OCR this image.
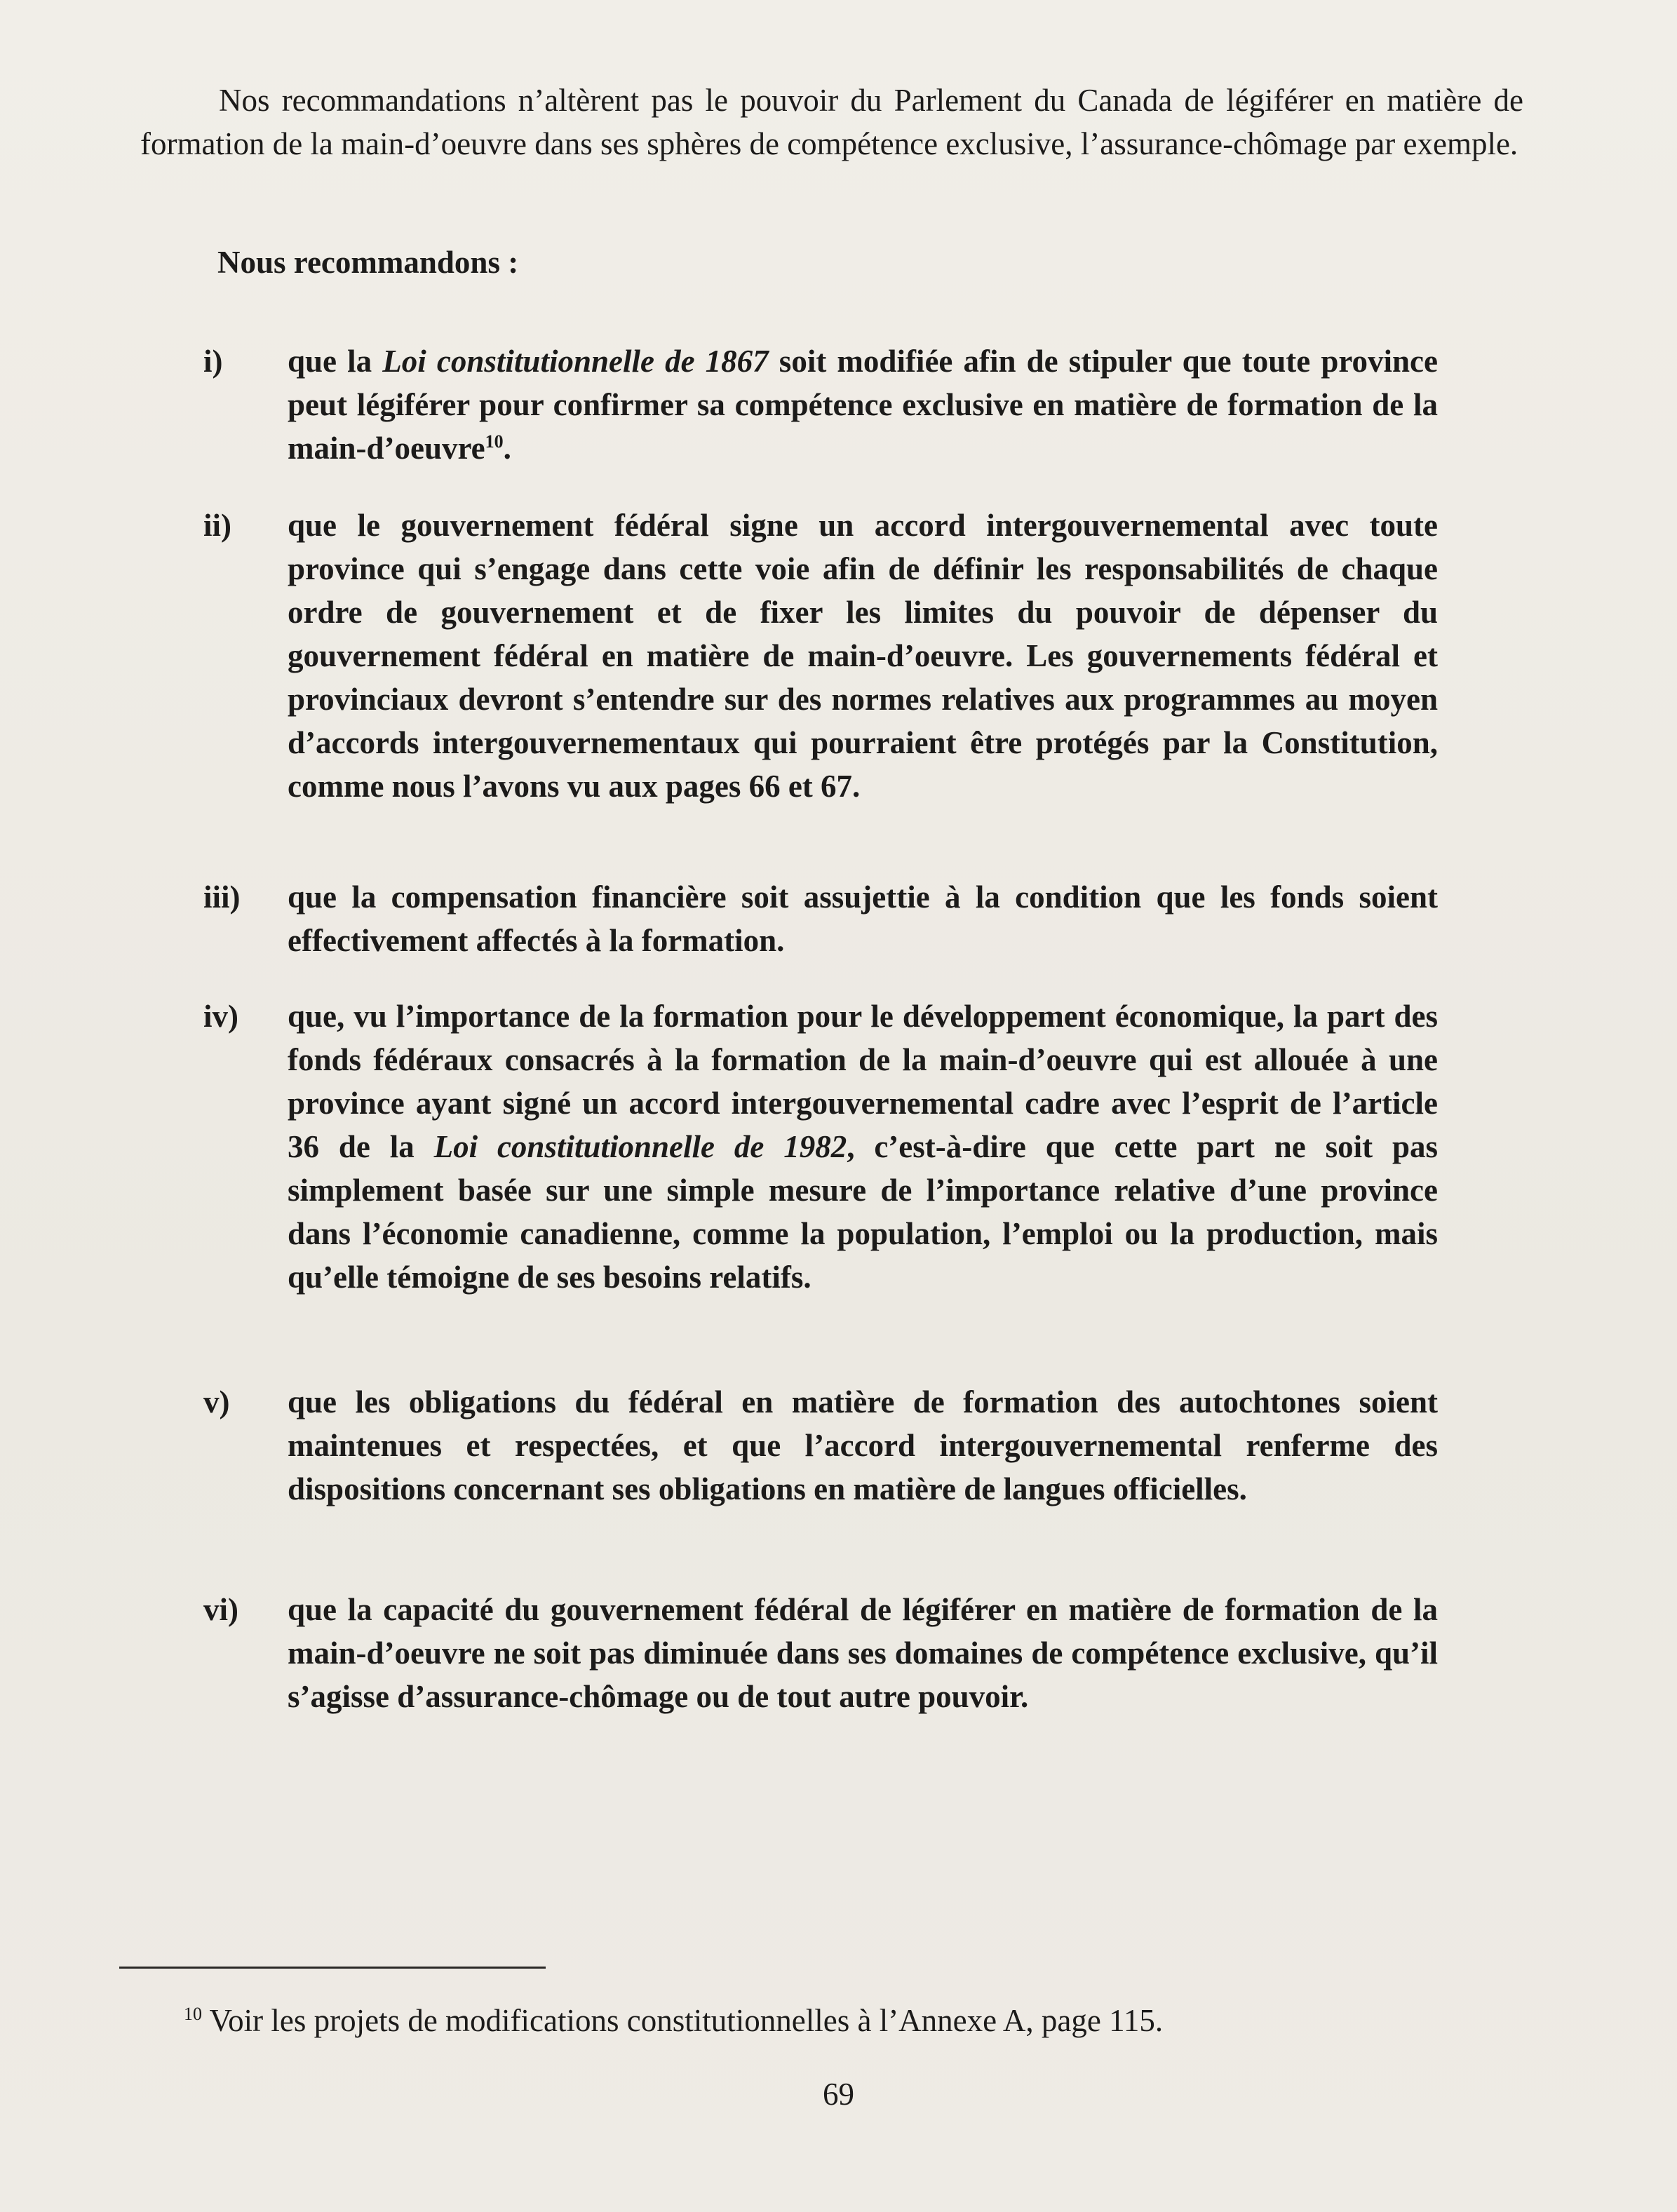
Nos recommandations n’altèrent pas le pouvoir du Parlement du Canada de légiférer en matière de formation de la main-d’oeuvre dans ses sphères de compétence exclusive, l’assurance-chômage par exemple.

Nous recommandons :

i)	que la Loi constitutionnelle de 1867 soit modifiée afin de stipuler que toute province peut légiférer pour confirmer sa compétence exclusive en matière de formation de la main-d’oeuvre$^{10}$.
ii)	que le gouvernement fédéral signe un accord intergouvernemental avec toute province qui s’engage dans cette voie afin de définir les responsabilités de chaque ordre de gouvernement et de fixer les limites du pouvoir de dépenser du gouvernement fédéral en matière de main-d’oeuvre. Les gouvernements fédéral et provinciaux devront s’entendre sur des normes relatives aux programmes au moyen d’accords intergouvernementaux qui pourraient être protégés par la Constitution, comme nous l’avons vu aux pages 66 et 67.
iii)	que la compensation financière soit assujettie à la condition que les fonds soient effectivement affectés à la formation.
iv)	que, vu l’importance de la formation pour le développement économique, la part des fonds fédéraux consacrés à la formation de la main-d’oeuvre qui est allouée à une province ayant signé un accord intergouvernemental cadre avec l’esprit de l’article 36 de la Loi constitutionnelle de 1982, c’est-à-dire que cette part ne soit pas simplement basée sur une simple mesure de l’importance relative d’une province dans l’économie canadienne, comme la population, l’emploi ou la production, mais qu’elle témoigne de ses besoins relatifs.
v)	que les obligations du fédéral en matière de formation des autochtones soient maintenues et respectées, et que l’accord intergouvernemental renferme des dispositions concernant ses obligations en matière de langues officielles.
vi)	que la capacité du gouvernement fédéral de légiférer en matière de formation de la main-d’oeuvre ne soit pas diminuée dans ses domaines de compétence exclusive, qu’il s’agisse d’assurance-chômage ou de tout autre pouvoir.

$^{10}$ Voir les projets de modifications constitutionnelles à l’Annexe A, page 115.

69
